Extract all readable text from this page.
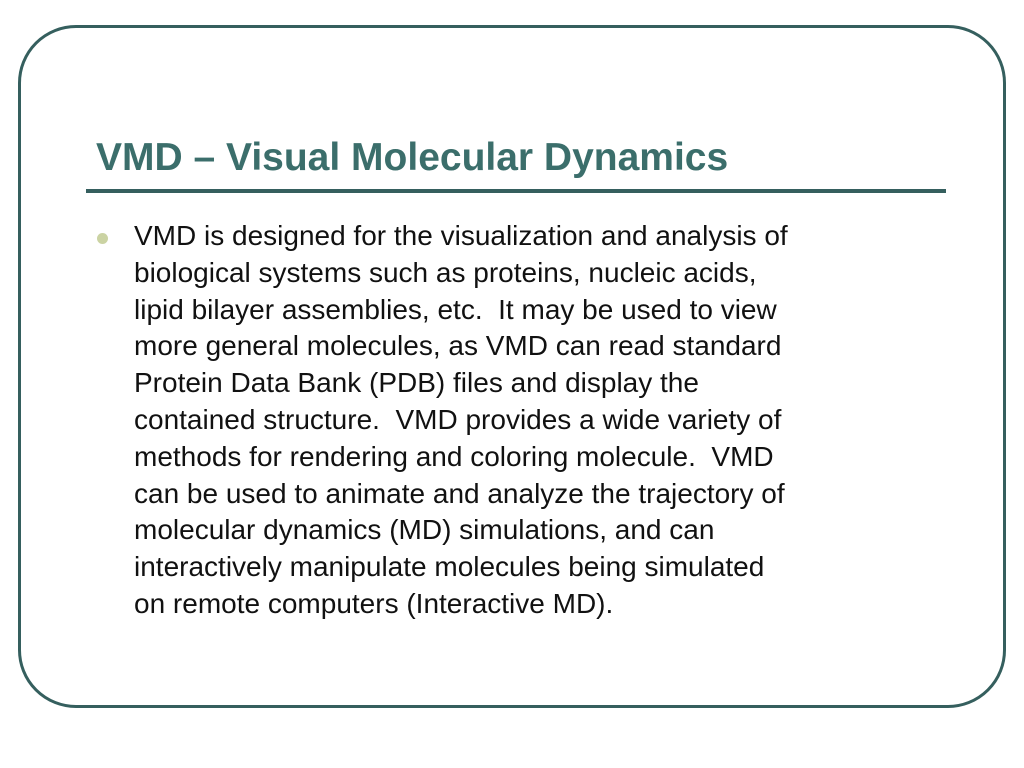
VMD – Visual Molecular Dynamics

VMD is designed for the visualization and analysis of
biological systems such as proteins, nucleic acids,
lipid bilayer assemblies, etc.  It may be used to view
more general molecules, as VMD can read standard
Protein Data Bank (PDB) files and display the
contained structure.  VMD provides a wide variety of
methods for rendering and coloring molecule.  VMD
can be used to animate and analyze the trajectory of
molecular dynamics (MD) simulations, and can
interactively manipulate molecules being simulated
on remote computers (Interactive MD).
